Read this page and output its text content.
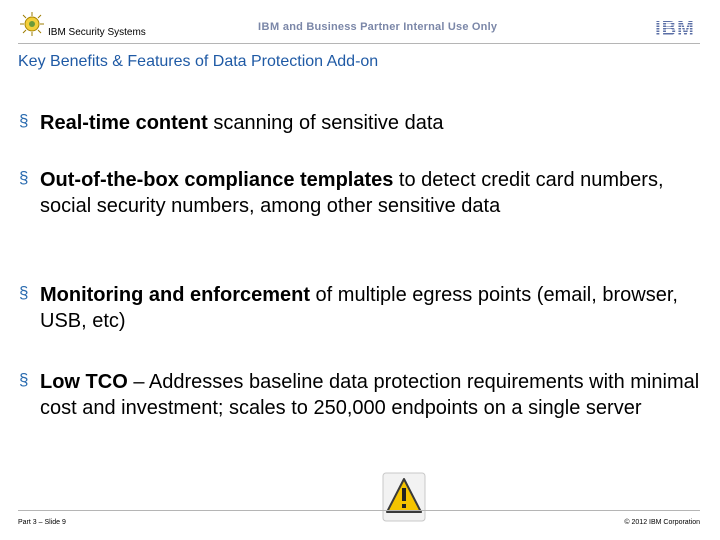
IBM Security Systems	IBM and Business Partner Internal Use Only	IBM
Key Benefits & Features of Data Protection Add-on
§ Real-time content scanning of sensitive data
§ Out-of-the-box compliance templates to detect credit card numbers, social security numbers, among other sensitive data
§ Monitoring and enforcement of multiple egress points (email, browser, USB, etc)
§ Low TCO – Addresses baseline data protection requirements with minimal cost and investment; scales to 250,000 endpoints on a single server
Part 3 – Slide 9	© 2012 IBM Corporation
